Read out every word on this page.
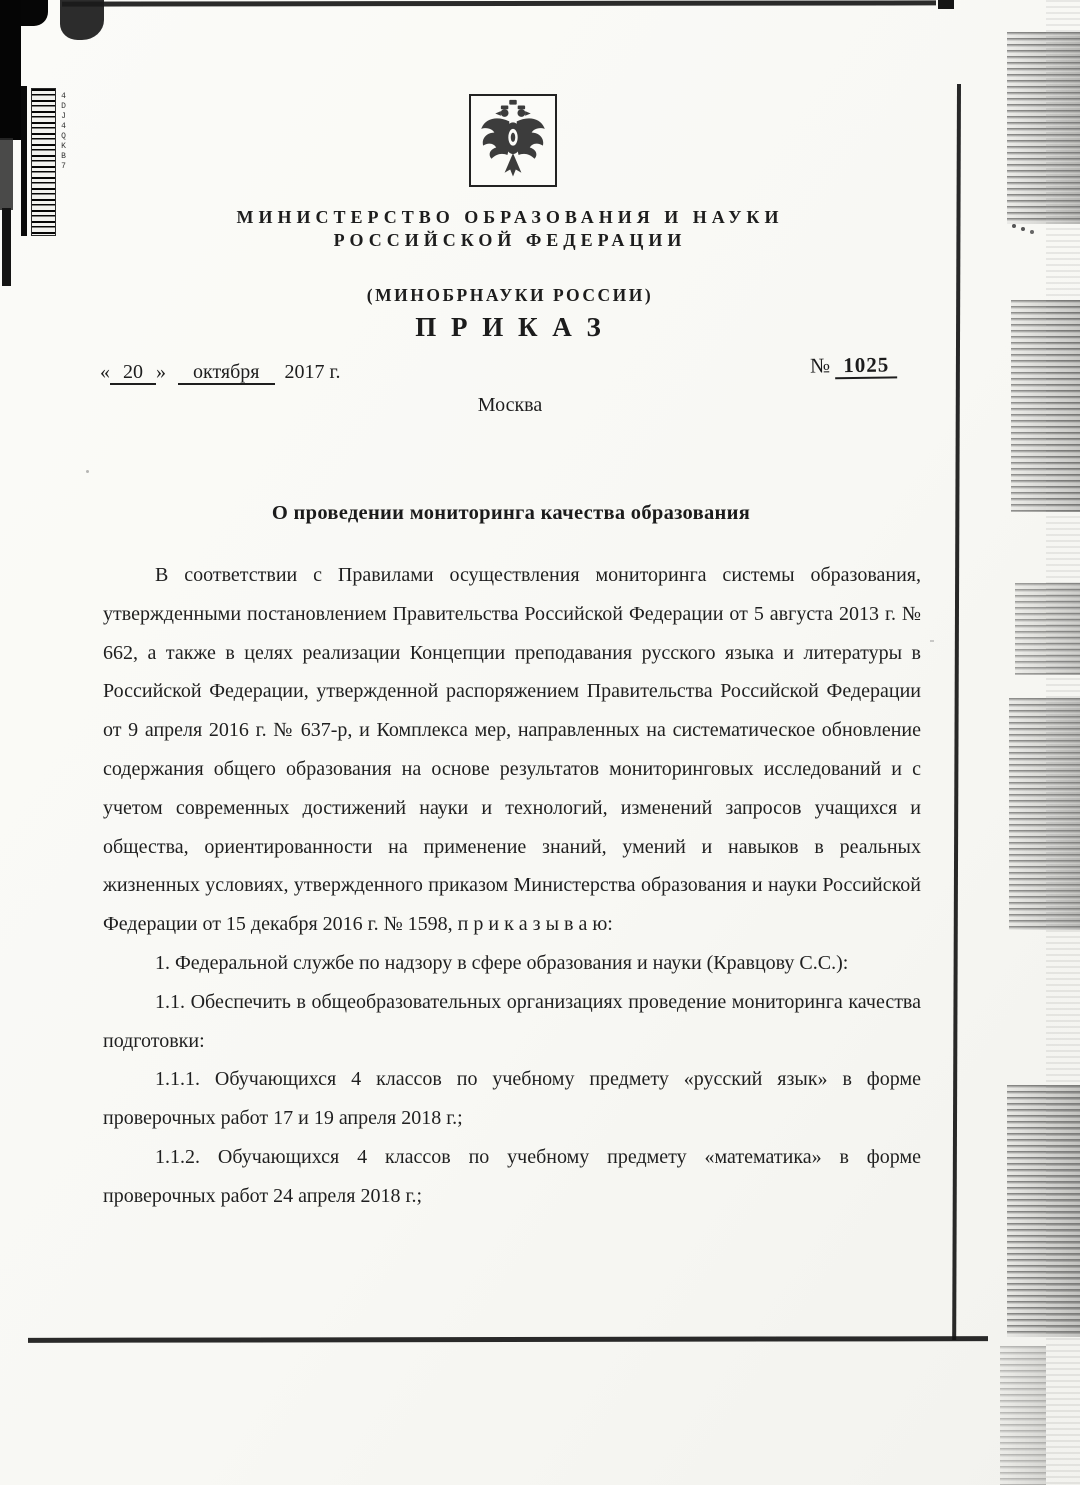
4DJ4QKB7
МИНИСТЕРСТВО ОБРАЗОВАНИЯ И НАУКИ
РОССИЙСКОЙ ФЕДЕРАЦИИ
(МИНОБРНАУКИ РОССИИ)
П Р И К А З
« 20 » октября 2017 г.	№ 1025
Москва
О проведении мониторинга качества образования

В соответствии с Правилами осуществления мониторинга системы образования, утвержденными постановлением Правительства Российской Федерации от 5 августа 2013 г. № 662, а также в целях реализации Концепции преподавания русского языка и литературы в Российской Федерации, утвержденной распоряжением Правительства Российской Федерации от 9 апреля 2016 г. № 637-р, и Комплекса мер, направленных на систематическое обновление содержания общего образования на основе результатов мониторинговых исследований и с учетом современных достижений науки и технологий, изменений запросов учащихся и общества, ориентированности на применение знаний, умений и навыков в реальных жизненных условиях, утвержденного приказом Министерства образования и науки Российской Федерации от 15 декабря 2016 г. № 1598, п р и к а з ы в а ю:

1. Федеральной службе по надзору в сфере образования и науки (Кравцову С.С.):

1.1. Обеспечить в общеобразовательных организациях проведение мониторинга качества подготовки:

1.1.1. Обучающихся 4 классов по учебному предмету «русский язык» в форме проверочных работ 17 и 19 апреля 2018 г.;

1.1.2. Обучающихся 4 классов по учебному предмету «математика» в форме проверочных работ 24 апреля 2018 г.;
